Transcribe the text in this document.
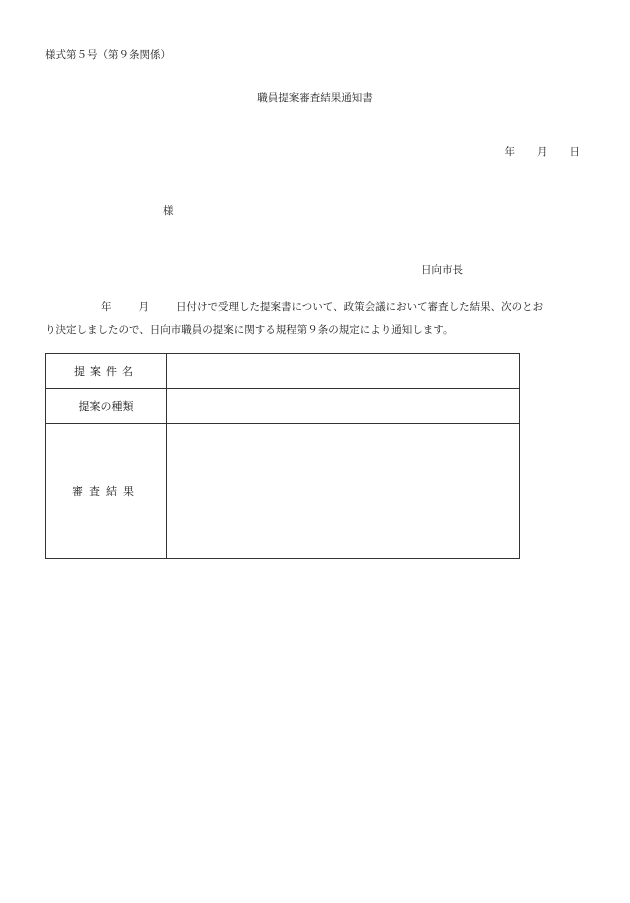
様式第５号（第９条関係）
職員提案審査結果通知書
年 月 日
様
日向市長
年	月	日付けで受理した提案書について、政策会議において審査した結果、次のとお
り決定しましたので、日向市職員の提案に関する規程第９条の規定により通知します。
提案件名	
提案の種類	
審査結果	
